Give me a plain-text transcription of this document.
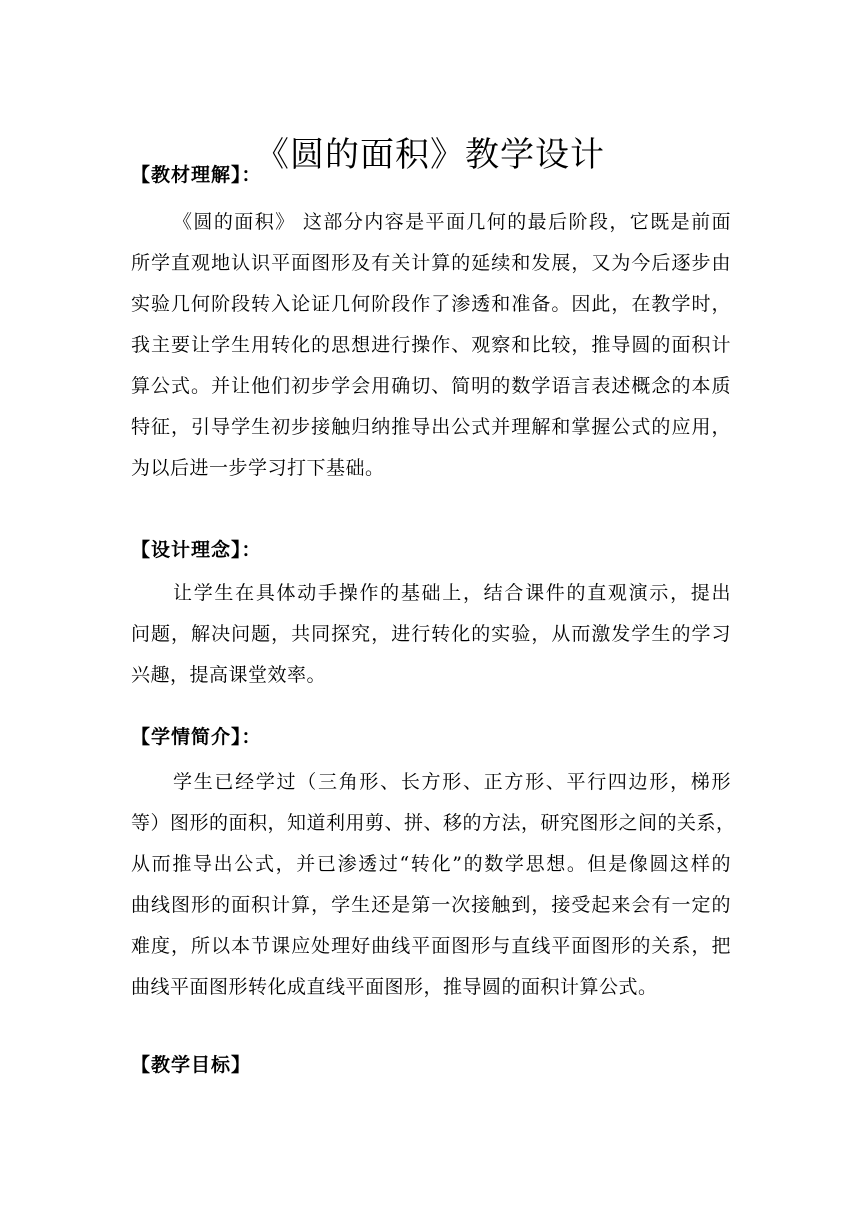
《圆的面积》教学设计
【教材理解】：
《圆的面积》 这部分内容是平面几何的最后阶段，它既是前面
所学直观地认识平面图形及有关计算的延续和发展，又为今后逐步由
实验几何阶段转入论证几何阶段作了渗透和准备。因此，在教学时，
我主要让学生用转化的思想进行操作、观察和比较，推导圆的面积计
算公式。并让他们初步学会用确切、简明的数学语言表述概念的本质
特征，引导学生初步接触归纳推导出公式并理解和掌握公式的应用，
为以后进一步学习打下基础。
【设计理念】：
让学生在具体动手操作的基础上，结合课件的直观演示，提出
问题，解决问题，共同探究，进行转化的实验，从而激发学生的学习
兴趣，提高课堂效率。
【学情简介】：
学生已经学过（三角形、长方形、正方形、平行四边形，梯形
等）图形的面积，知道利用剪、拼、移的方法，研究图形之间的关系，
从而推导出公式，并已渗透过“转化”的数学思想。但是像圆这样的
曲线图形的面积计算，学生还是第一次接触到，接受起来会有一定的
难度，所以本节课应处理好曲线平面图形与直线平面图形的关系，把
曲线平面图形转化成直线平面图形，推导圆的面积计算公式。
【教学目标】
